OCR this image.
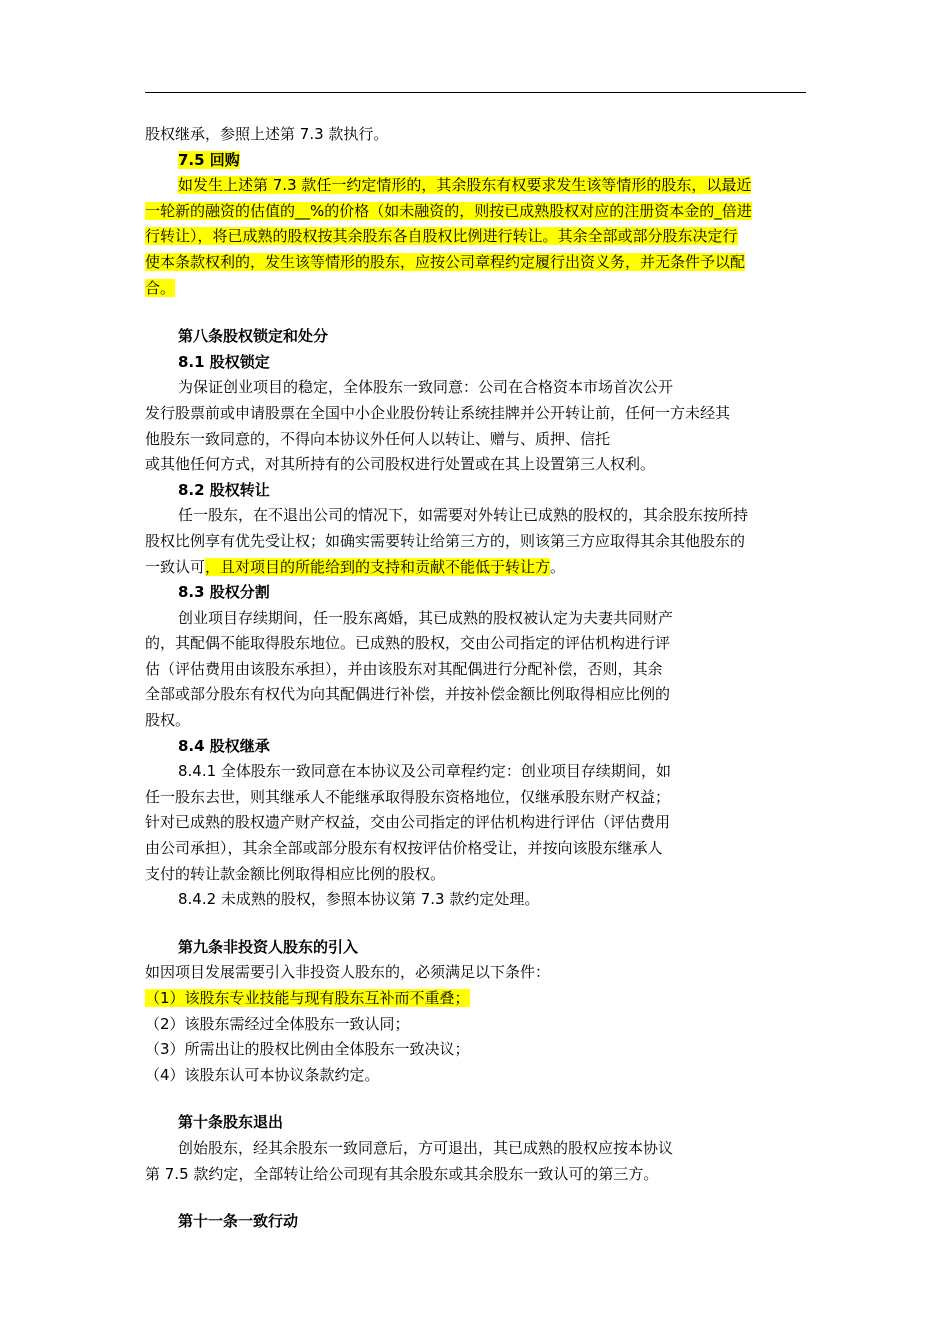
股权继承，参照上述第 7.3 款执行。
7.5 回购
如发生上述第 7.3 款任一约定情形的，其余股东有权要求发生该等情形的股东，以最近
一轮新的融资的估值的__%的价格（如未融资的，则按已成熟股权对应的注册资本金的_倍进
行转让），将已成熟的股权按其余股东各自股权比例进行转让。其余全部或部分股东决定行
使本条款权利的，发生该等情形的股东，应按公司章程约定履行出资义务，并无条件予以配
合。
第八条股权锁定和处分
8.1 股权锁定
为保证创业项目的稳定，全体股东一致同意：公司在合格资本市场首次公开
发行股票前或申请股票在全国中小企业股份转让系统挂牌并公开转让前，任何一方未经其
他股东一致同意的，不得向本协议外任何人以转让、赠与、质押、信托
或其他任何方式，对其所持有的公司股权进行处置或在其上设置第三人权利。
8.2 股权转让
任一股东，在不退出公司的情况下，如需要对外转让已成熟的股权的，其余股东按所持
股权比例享有优先受让权；如确实需要转让给第三方的，则该第三方应取得其余其他股东的
一致认可，且对项目的所能给到的支持和贡献不能低于转让方。
8.3 股权分割
创业项目存续期间，任一股东离婚，其已成熟的股权被认定为夫妻共同财产
的，其配偶不能取得股东地位。已成熟的股权，交由公司指定的评估机构进行评
估（评估费用由该股东承担），并由该股东对其配偶进行分配补偿，否则，其余
全部或部分股东有权代为向其配偶进行补偿，并按补偿金额比例取得相应比例的
股权。
8.4 股权继承
8.4.1 全体股东一致同意在本协议及公司章程约定：创业项目存续期间，如
任一股东去世，则其继承人不能继承取得股东资格地位，仅继承股东财产权益；
针对已成熟的股权遗产财产权益，交由公司指定的评估机构进行评估（评估费用
由公司承担），其余全部或部分股东有权按评估价格受让，并按向该股东继承人
支付的转让款金额比例取得相应比例的股权。
8.4.2 未成熟的股权，参照本协议第 7.3 款约定处理。
第九条非投资人股东的引入
如因项目发展需要引入非投资人股东的，必须满足以下条件：
（1）该股东专业技能与现有股东互补而不重叠；
（2）该股东需经过全体股东一致认同；
（3）所需出让的股权比例由全体股东一致决议；
（4）该股东认可本协议条款约定。
第十条股东退出
创始股东，经其余股东一致同意后，方可退出，其已成熟的股权应按本协议
第 7.5 款约定，全部转让给公司现有其余股东或其余股东一致认可的第三方。
第十一条一致行动
